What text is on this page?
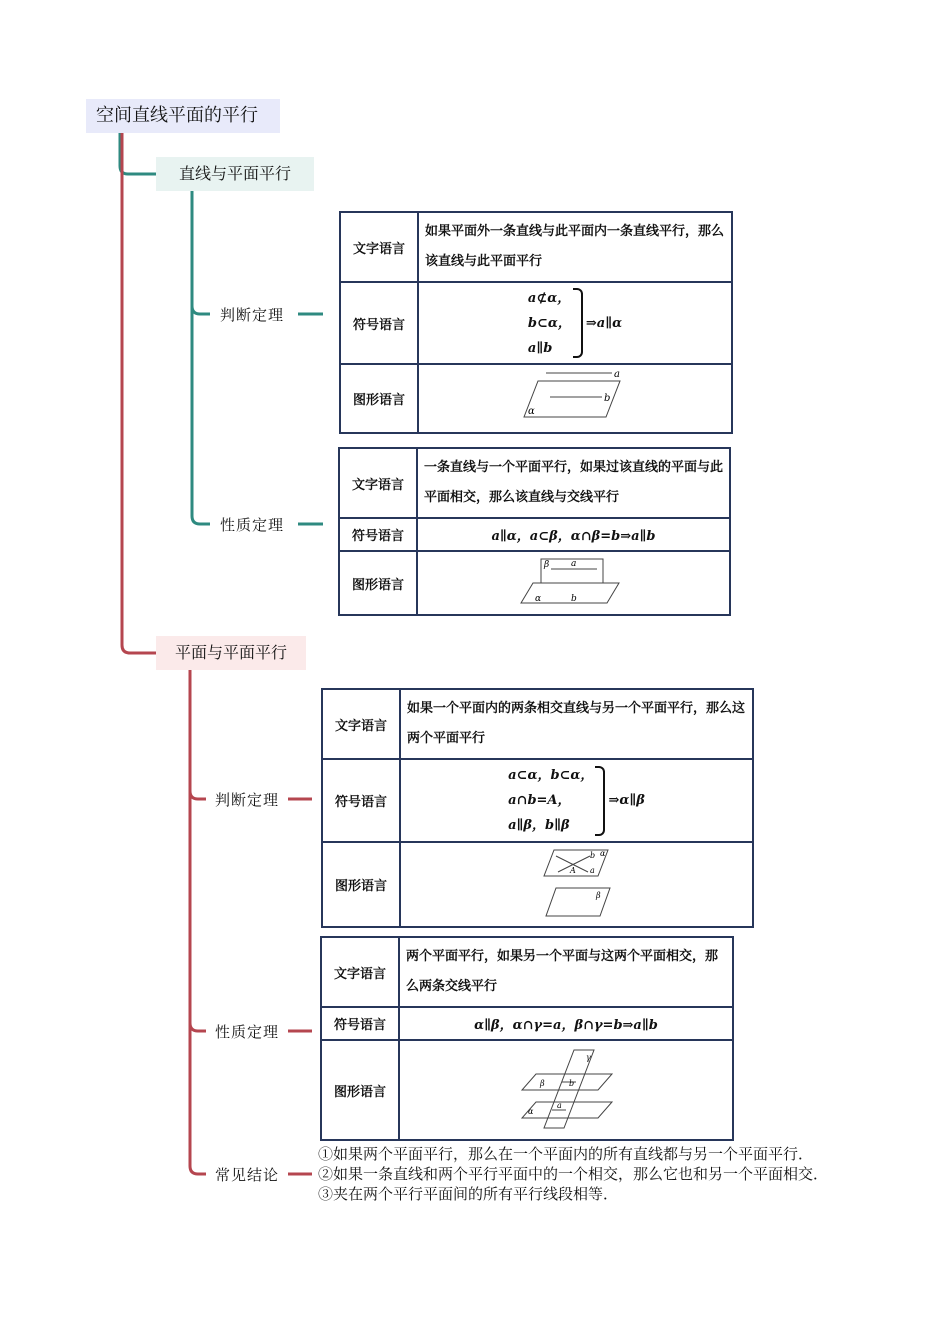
空间直线平面的平行
直线与平面平行
平面与平面平行
判断定理
性质定理
判断定理
性质定理
常见结论
文字语言	如果平面外一条直线与此平面内一条直线平行，那么该直线与此平面平行
符号语言	a⊄α，
b⊂α，
a∥b
⇒a∥α

图形语言	a
b
α
文字语言	一条直线与一个平面平行，如果过该直线的平面与此平面相交，那么该直线与交线平行
符号语言	a∥α，a⊂β，α∩β=b⇒a∥b
图形语言	β a
α b
文字语言	如果一个平面内的两条相交直线与另一个平面平行，那么这两个平面平行
符号语言	a⊂α，b⊂α，
a∩b=A，
a∥β，b∥β
⇒α∥β

图形语言	b α
A a
β
文字语言	两个平面平行，如果另一个平面与这两个平面相交，那么两条交线平行
符号语言	α∥β，α∩γ=a，β∩γ=b⇒a∥b
图形语言	γ
β b
α
a
①如果两个平面平行，那么在一个平面内的所有直线都与另一个平面平行．
②如果一条直线和两个平行平面中的一个相交，那么它也和另一个平面相交．
③夹在两个平行平面间的所有平行线段相等．
